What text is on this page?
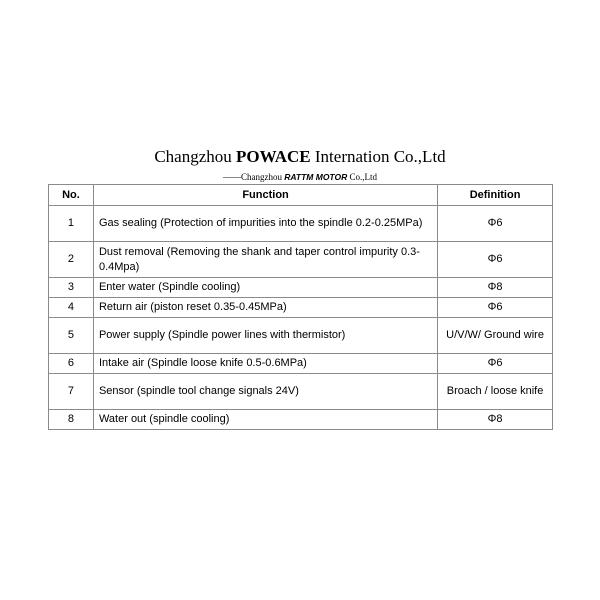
Changzhou POWACE Internation Co.,Ltd
——Changzhou RATTM MOTOR Co.,Ltd
No.	Function	Definition
1	Gas sealing (Protection of impurities into the spindle 0.2-0.25MPa)	Φ6
2	Dust removal (Removing the shank and taper control impurity 0.3-0.4Mpa)	Φ6
3	Enter water (Spindle cooling)	Φ8
4	Return air (piston reset 0.35-0.45MPa)	Φ6
5	Power supply (Spindle power lines with thermistor)	U/V/W/ Ground wire
6	Intake air (Spindle loose knife 0.5-0.6MPa)	Φ6
7	Sensor (spindle tool change signals 24V)	Broach / loose knife
8	Water out (spindle cooling)	Φ8
